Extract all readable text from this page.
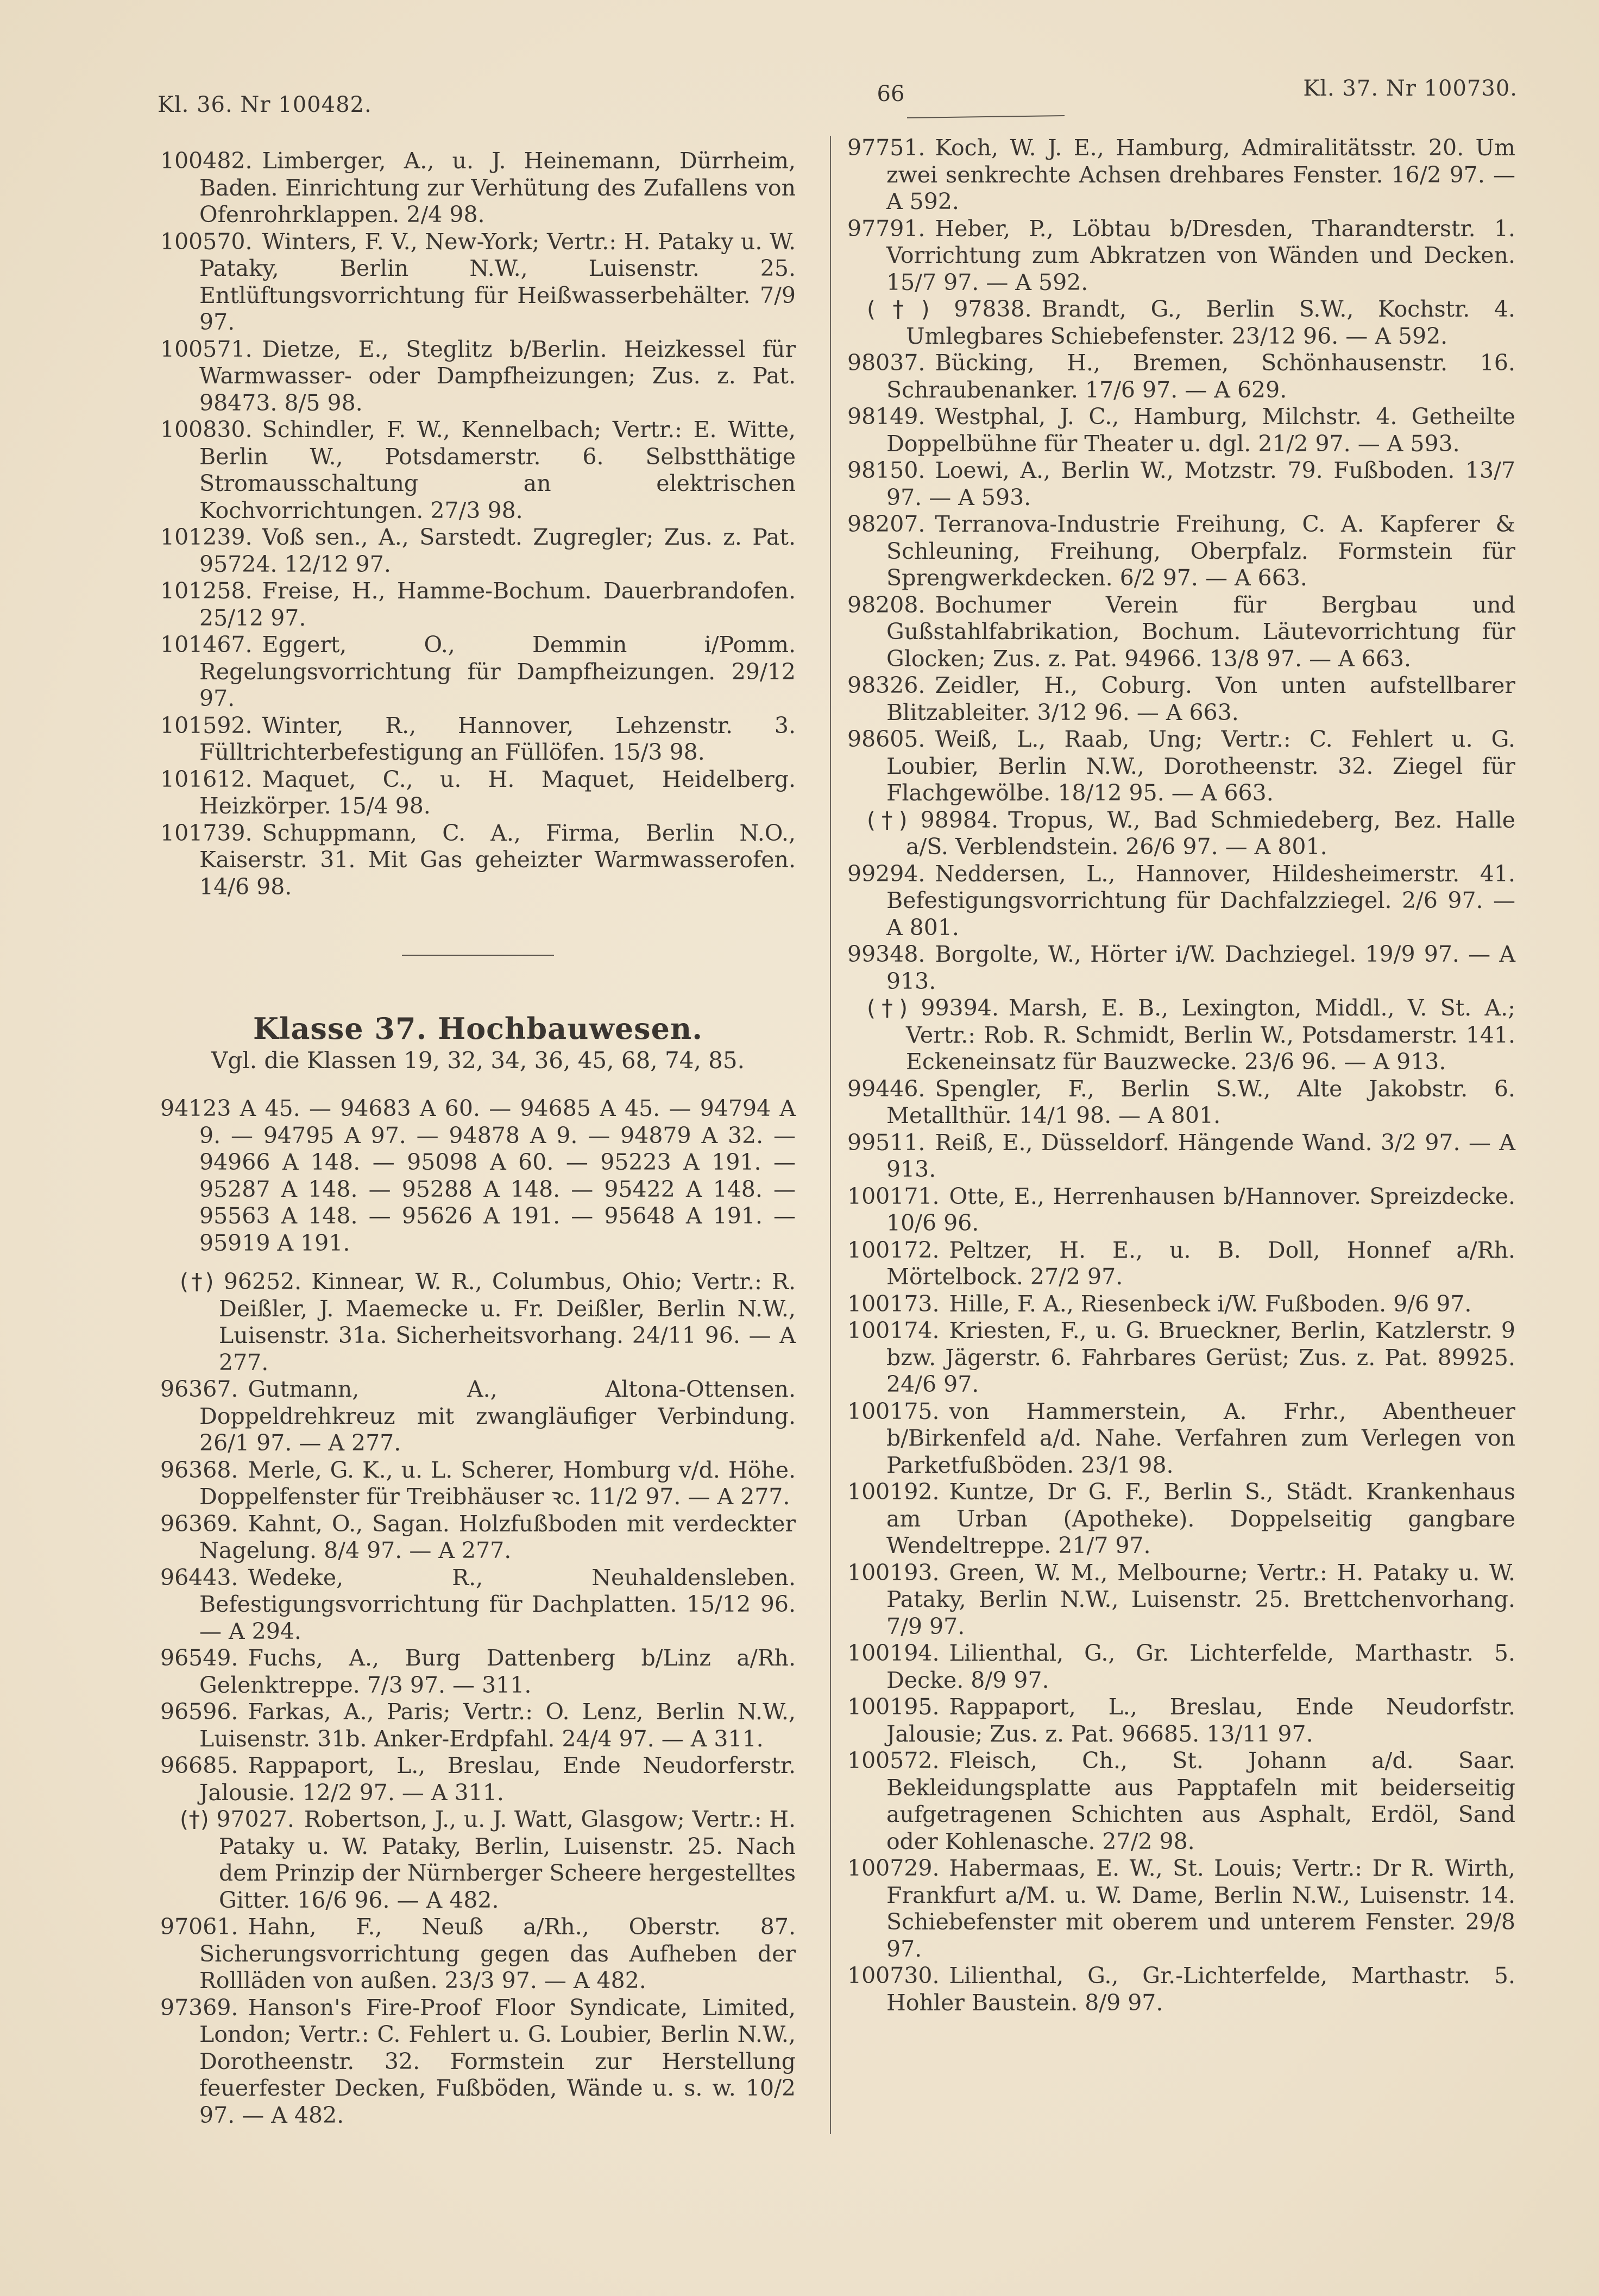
Kl. 36. Nr 100482.	66	Kl. 37. Nr 100730.
100482. Limberger, A., u. J. Heinemann, Dürrheim, Baden. Einrichtung zur Verhütung des Zufallens von Ofenrohrklappen. 2/4 98.
100570. Winters, F. V., New-York; Vertr.: H. Pataky u. W. Pataky, Berlin N.W., Luisenstr. 25. Entlüftungsvorrichtung für Heißwasserbehälter. 7/9 97.
100571. Dietze, E., Steglitz b/Berlin. Heizkessel für Warmwasser- oder Dampfheizungen; Zus. z. Pat. 98473. 8/5 98.
100830. Schindler, F. W., Kennelbach; Vertr.: E. Witte, Berlin W., Potsdamerstr. 6. Selbstthätige Stromausschaltung an elektrischen Kochvorrichtungen. 27/3 98.
101239. Voß sen., A., Sarstedt. Zugregler; Zus. z. Pat. 95724. 12/12 97.
101258. Freise, H., Hamme-Bochum. Dauerbrandofen. 25/12 97.
101467. Eggert, O., Demmin i/Pomm. Regelungsvorrichtung für Dampfheizungen. 29/12 97.
101592. Winter, R., Hannover, Lehzenstr. 3. Fülltrichterbefestigung an Füllöfen. 15/3 98.
101612. Maquet, C., u. H. Maquet, Heidelberg. Heizkörper. 15/4 98.
101739. Schuppmann, C. A., Firma, Berlin N.O., Kaiserstr. 31. Mit Gas geheizter Warmwasserofen. 14/6 98.
Klasse 37. Hochbauwesen.
Vgl. die Klassen 19, 32, 34, 36, 45, 68, 74, 85.
94123 A 45. — 94683 A 60. — 94685 A 45. — 94794 A 9. — 94795 A 97. — 94878 A 9. — 94879 A 32. — 94966 A 148. — 95098 A 60. — 95223 A 191. — 95287 A 148. — 95288 A 148. — 95422 A 148. — 95563 A 148. — 95626 A 191. — 95648 A 191. — 95919 A 191.
(†) 96252. Kinnear, W. R., Columbus, Ohio; Vertr.: R. Deißler, J. Maemecke u. Fr. Deißler, Berlin N.W., Luisenstr. 31a. Sicherheitsvorhang. 24/11 96. — A 277.
96367. Gutmann, A., Altona-Ottensen. Doppeldrehkreuz mit zwangläufiger Verbindung. 26/1 97. — A 277.
96368. Merle, G. K., u. L. Scherer, Homburg v/d. Höhe. Doppelfenster für Treibhäuser ꝛc. 11/2 97. — A 277.
96369. Kahnt, O., Sagan. Holzfußboden mit verdeckter Nagelung. 8/4 97. — A 277.
96443. Wedeke, R., Neuhaldensleben. Befestigungsvorrichtung für Dachplatten. 15/12 96. — A 294.
96549. Fuchs, A., Burg Dattenberg b/Linz a/Rh. Gelenktreppe. 7/3 97. — 311.
96596. Farkas, A., Paris; Vertr.: O. Lenz, Berlin N.W., Luisenstr. 31b. Anker-Erdpfahl. 24/4 97. — A 311.
96685. Rappaport, L., Breslau, Ende Neudorferstr. Jalousie. 12/2 97. — A 311.
(†) 97027. Robertson, J., u. J. Watt, Glasgow; Vertr.: H. Pataky u. W. Pataky, Berlin, Luisenstr. 25. Nach dem Prinzip der Nürnberger Scheere hergestelltes Gitter. 16/6 96. — A 482.
97061. Hahn, F., Neuß a/Rh., Oberstr. 87. Sicherungsvorrichtung gegen das Aufheben der Rollläden von außen. 23/3 97. — A 482.
97369. Hanson's Fire-Proof Floor Syndicate, Limited, London; Vertr.: C. Fehlert u. G. Loubier, Berlin N.W., Dorotheenstr. 32. Formstein zur Herstellung feuerfester Decken, Fußböden, Wände u. s. w. 10/2 97. — A 482.
97751. Koch, W. J. E., Hamburg, Admiralitätsstr. 20. Um zwei senkrechte Achsen drehbares Fenster. 16/2 97. — A 592.
97791. Heber, P., Löbtau b/Dresden, Tharandterstr. 1. Vorrichtung zum Abkratzen von Wänden und Decken. 15/7 97. — A 592.
(†) 97838. Brandt, G., Berlin S.W., Kochstr. 4. Umlegbares Schiebefenster. 23/12 96. — A 592.
98037. Bücking, H., Bremen, Schönhausenstr. 16. Schraubenanker. 17/6 97. — A 629.
98149. Westphal, J. C., Hamburg, Milchstr. 4. Getheilte Doppelbühne für Theater u. dgl. 21/2 97. — A 593.
98150. Loewi, A., Berlin W., Motzstr. 79. Fußboden. 13/7 97. — A 593.
98207. Terranova-Industrie Freihung, C. A. Kapferer & Schleuning, Freihung, Oberpfalz. Formstein für Sprengwerkdecken. 6/2 97. — A 663.
98208. Bochumer Verein für Bergbau und Gußstahlfabrikation, Bochum. Läutevorrichtung für Glocken; Zus. z. Pat. 94966. 13/8 97. — A 663.
98326. Zeidler, H., Coburg. Von unten aufstellbarer Blitzableiter. 3/12 96. — A 663.
98605. Weiß, L., Raab, Ung; Vertr.: C. Fehlert u. G. Loubier, Berlin N.W., Dorotheenstr. 32. Ziegel für Flachgewölbe. 18/12 95. — A 663.
(†) 98984. Tropus, W., Bad Schmiedeberg, Bez. Halle a/S. Verblendstein. 26/6 97. — A 801.
99294. Neddersen, L., Hannover, Hildesheimerstr. 41. Befestigungsvorrichtung für Dachfalzziegel. 2/6 97. — A 801.
99348. Borgolte, W., Hörter i/W. Dachziegel. 19/9 97. — A 913.
(†) 99394. Marsh, E. B., Lexington, Middl., V. St. A.; Vertr.: Rob. R. Schmidt, Berlin W., Potsdamerstr. 141. Eckeneinsatz für Bauzwecke. 23/6 96. — A 913.
99446. Spengler, F., Berlin S.W., Alte Jakobstr. 6. Metallthür. 14/1 98. — A 801.
99511. Reiß, E., Düsseldorf. Hängende Wand. 3/2 97. — A 913.
100171. Otte, E., Herrenhausen b/Hannover. Spreizdecke. 10/6 96.
100172. Peltzer, H. E., u. B. Doll, Honnef a/Rh. Mörtelbock. 27/2 97.
100173. Hille, F. A., Riesenbeck i/W. Fußboden. 9/6 97.
100174. Kriesten, F., u. G. Brueckner, Berlin, Katzlerstr. 9 bzw. Jägerstr. 6. Fahrbares Gerüst; Zus. z. Pat. 89925. 24/6 97.
100175. von Hammerstein, A. Frhr., Abentheuer b/Birkenfeld a/d. Nahe. Verfahren zum Verlegen von Parketfußböden. 23/1 98.
100192. Kuntze, Dr G. F., Berlin S., Städt. Krankenhaus am Urban (Apotheke). Doppelseitig gangbare Wendeltreppe. 21/7 97.
100193. Green, W. M., Melbourne; Vertr.: H. Pataky u. W. Pataky, Berlin N.W., Luisenstr. 25. Brettchenvorhang. 7/9 97.
100194. Lilienthal, G., Gr. Lichterfelde, Marthastr. 5. Decke. 8/9 97.
100195. Rappaport, L., Breslau, Ende Neudorfstr. Jalousie; Zus. z. Pat. 96685. 13/11 97.
100572. Fleisch, Ch., St. Johann a/d. Saar. Bekleidungsplatte aus Papptafeln mit beiderseitig aufgetragenen Schichten aus Asphalt, Erdöl, Sand oder Kohlenasche. 27/2 98.
100729. Habermaas, E. W., St. Louis; Vertr.: Dr R. Wirth, Frankfurt a/M. u. W. Dame, Berlin N.W., Luisenstr. 14. Schiebefenster mit oberem und unterem Fenster. 29/8 97.
100730. Lilienthal, G., Gr.-Lichterfelde, Marthastr. 5. Hohler Baustein. 8/9 97.
